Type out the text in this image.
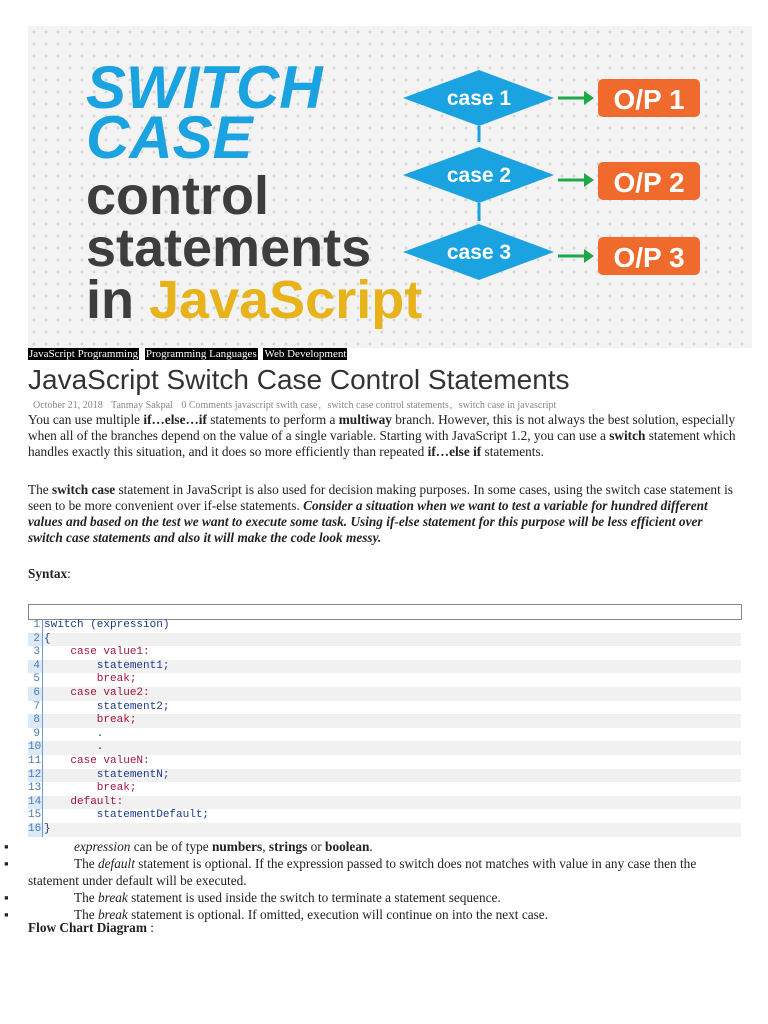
SWITCH
CASE
control
statements
in JavaScript
case 1	O/P 1
case 2	O/P 2
case 3	O/P 3
JavaScript Programming Programming Languages Web Development
JavaScript Switch Case Control Statements
October 21, 2018 Tanmay Sakpal 0 Comments javascript swith case, switch case control statements, switch case in javascript

You can use multiple if…else…if statements to perform a multiway branch. However, this is not always the best solution, especially when all of the branches depend on the value of a single variable. Starting with JavaScript 1.2, you can use a switch statement which handles exactly this situation, and it does so more efficiently than repeated if…else if statements.

The switch case statement in JavaScript is also used for decision making purposes. In some cases, using the switch case statement is seen to be more convenient over if-else statements. Consider a situation when we want to test a variable for hundred different values and based on the test we want to execute some task. Using if-else statement for this purpose will be less efficient over switch case statements and also it will make the code look messy.

Syntax:
1 switch (expression)
2 {
3 case value1:
4 statement1;
5 break;
6 case value2:
7 statement2;
8 break;
9 .
10 .
11 case valueN:
12 statementN;
13 break;
14 default:
15 statementDefault;
16 }
▪	expression can be of type numbers, strings or boolean.
▪	The default statement is optional. If the expression passed to switch does not matches with value in any case then the statement under default will be executed.
▪	The break statement is used inside the switch to terminate a statement sequence.
▪	The break statement is optional. If omitted, execution will continue on into the next case.
Flow Chart Diagram :
